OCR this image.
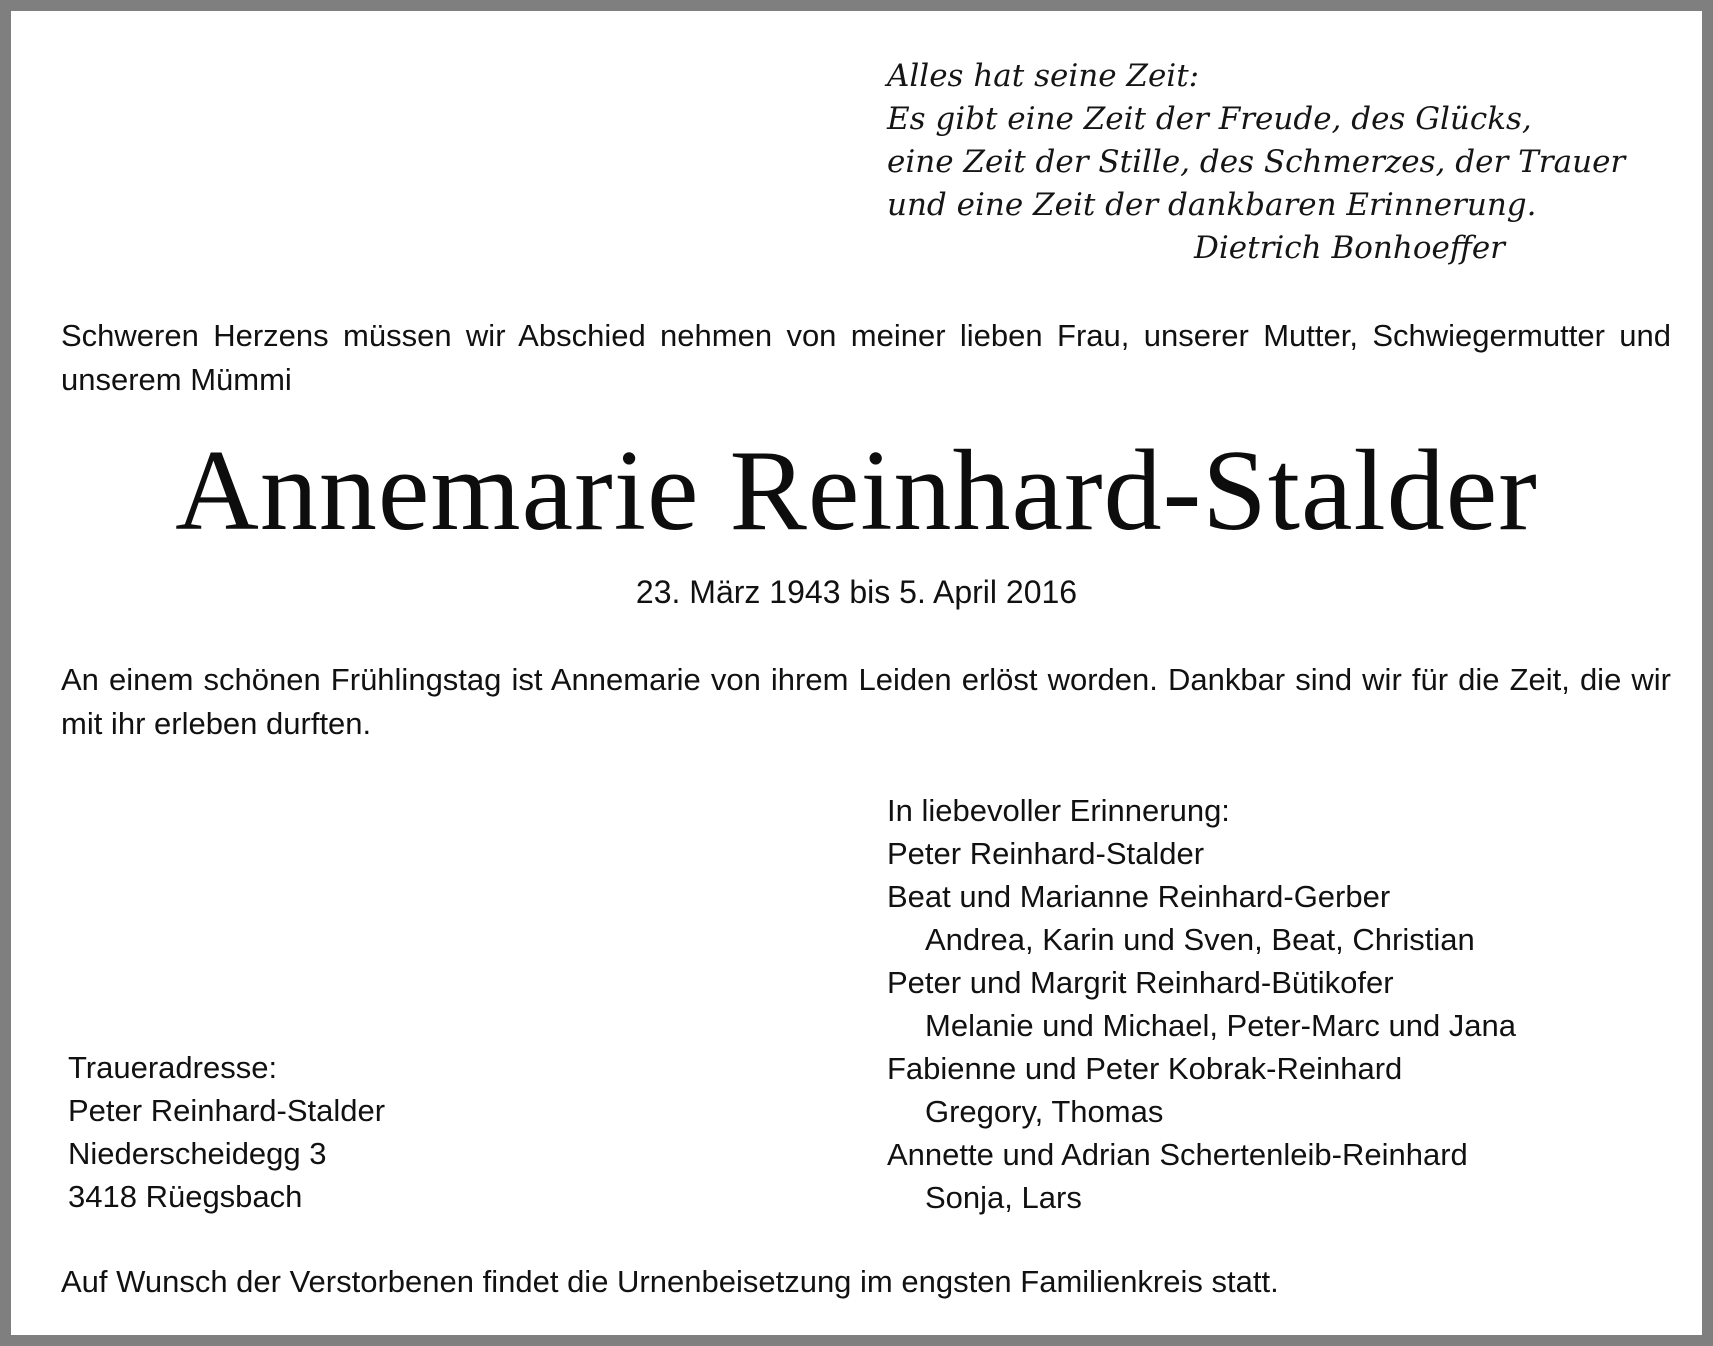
Alles hat seine Zeit:
Es gibt eine Zeit der Freude, des Glücks,
eine Zeit der Stille, des Schmerzes, der Trauer
und eine Zeit der dankbaren Erinnerung.
Dietrich Bonhoeffer
Schweren Herzens müssen wir Abschied nehmen von meiner lieben Frau, unserer Mutter, Schwiegermutter und unserem Mümmi
Annemarie Reinhard-Stalder
23. März 1943 bis 5. April 2016
An einem schönen Frühlingstag ist Annemarie von ihrem Leiden erlöst worden. Dankbar sind wir für die Zeit, die wir mit ihr erleben durften.
In liebevoller Erinnerung:
Peter Reinhard-Stalder
Beat und Marianne Reinhard-Gerber
Andrea, Karin und Sven, Beat, Christian
Peter und Margrit Reinhard-Bütikofer
Melanie und Michael, Peter-Marc und Jana
Fabienne und Peter Kobrak-Reinhard
Gregory, Thomas
Annette und Adrian Schertenleib-Reinhard
Sonja, Lars
Traueradresse:
Peter Reinhard-Stalder
Niederscheidegg 3
3418 Rüegsbach
Auf Wunsch der Verstorbenen findet die Urnenbeisetzung im engsten Familienkreis statt.
